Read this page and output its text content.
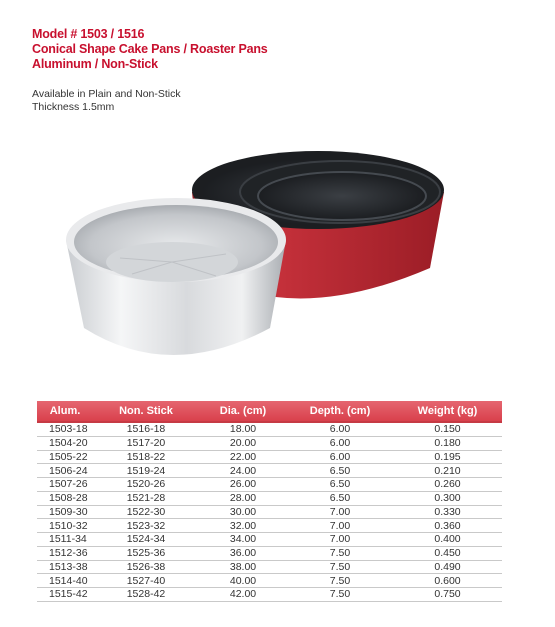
Model # 1503 / 1516
Conical Shape Cake Pans / Roaster Pans
Aluminum / Non-Stick
Available in Plain and Non-Stick
Thickness 1.5mm
Alum.	Non. Stick	Dia. (cm)	Depth. (cm)	Weight (kg)
1503-18	1516-18	18.00	6.00	0.150
1504-20	1517-20	20.00	6.00	0.180
1505-22	1518-22	22.00	6.00	0.195
1506-24	1519-24	24.00	6.50	0.210
1507-26	1520-26	26.00	6.50	0.260
1508-28	1521-28	28.00	6.50	0.300
1509-30	1522-30	30.00	7.00	0.330
1510-32	1523-32	32.00	7.00	0.360
1511-34	1524-34	34.00	7.00	0.400
1512-36	1525-36	36.00	7.50	0.450
1513-38	1526-38	38.00	7.50	0.490
1514-40	1527-40	40.00	7.50	0.600
1515-42	1528-42	42.00	7.50	0.750
